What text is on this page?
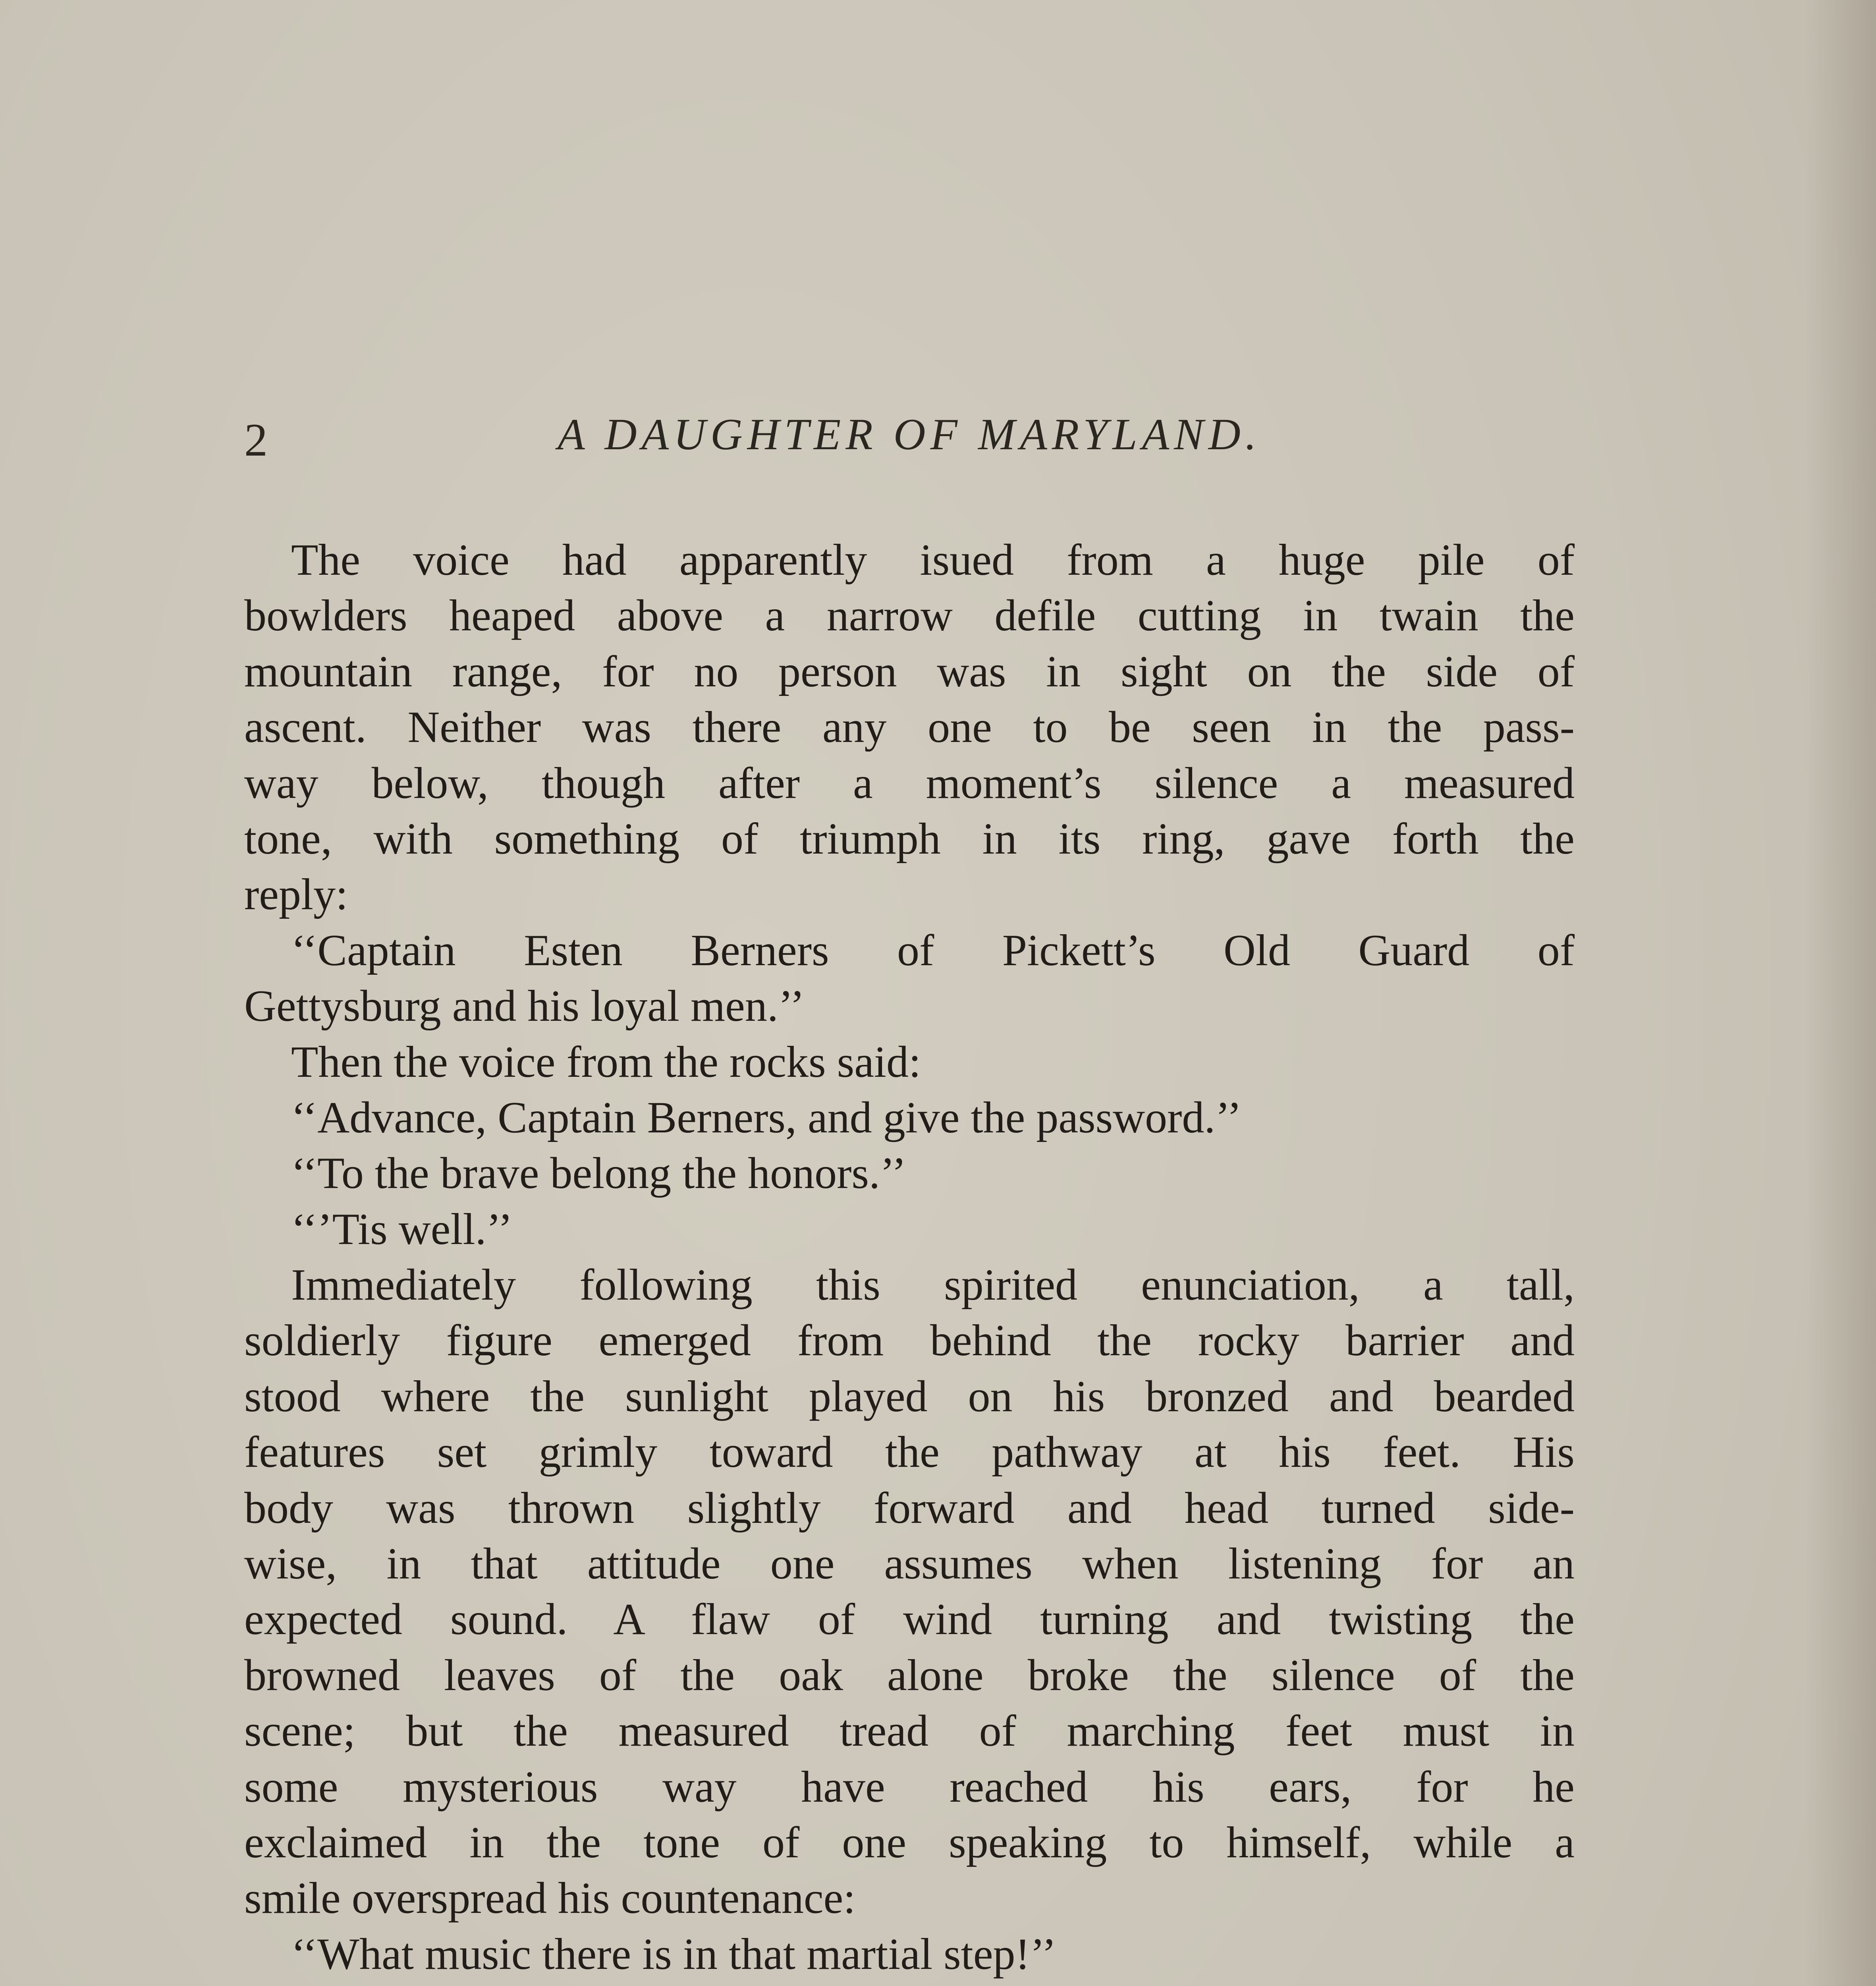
2	A DAUGHTER OF MARYLAND.
The voice had apparently isued from a huge pile of
bowlders heaped above a narrow defile cutting in twain the
mountain range, for no person was in sight on the side of
ascent. Neither was there any one to be seen in the pass-
way below, though after a moment’s silence a measured
tone, with something of triumph in its ring, gave forth the
reply:
‘‘Captain Esten Berners of Pickett’s Old Guard of
Gettysburg and his loyal men.’’
Then the voice from the rocks said:
‘‘Advance, Captain Berners, and give the password.’’
‘‘To the brave belong the honors.’’
‘‘’Tis well.’’
Immediately following this spirited enunciation, a tall,
soldierly figure emerged from behind the rocky barrier and
stood where the sunlight played on his bronzed and bearded
features set grimly toward the pathway at his feet. His
body was thrown slightly forward and head turned side-
wise, in that attitude one assumes when listening for an
expected sound. A flaw of wind turning and twisting the
browned leaves of the oak alone broke the silence of the
scene; but the measured tread of marching feet must in
some mysterious way have reached his ears, for he
exclaimed in the tone of one speaking to himself, while a
smile overspread his countenance:
‘‘What music there is in that martial step!’’
